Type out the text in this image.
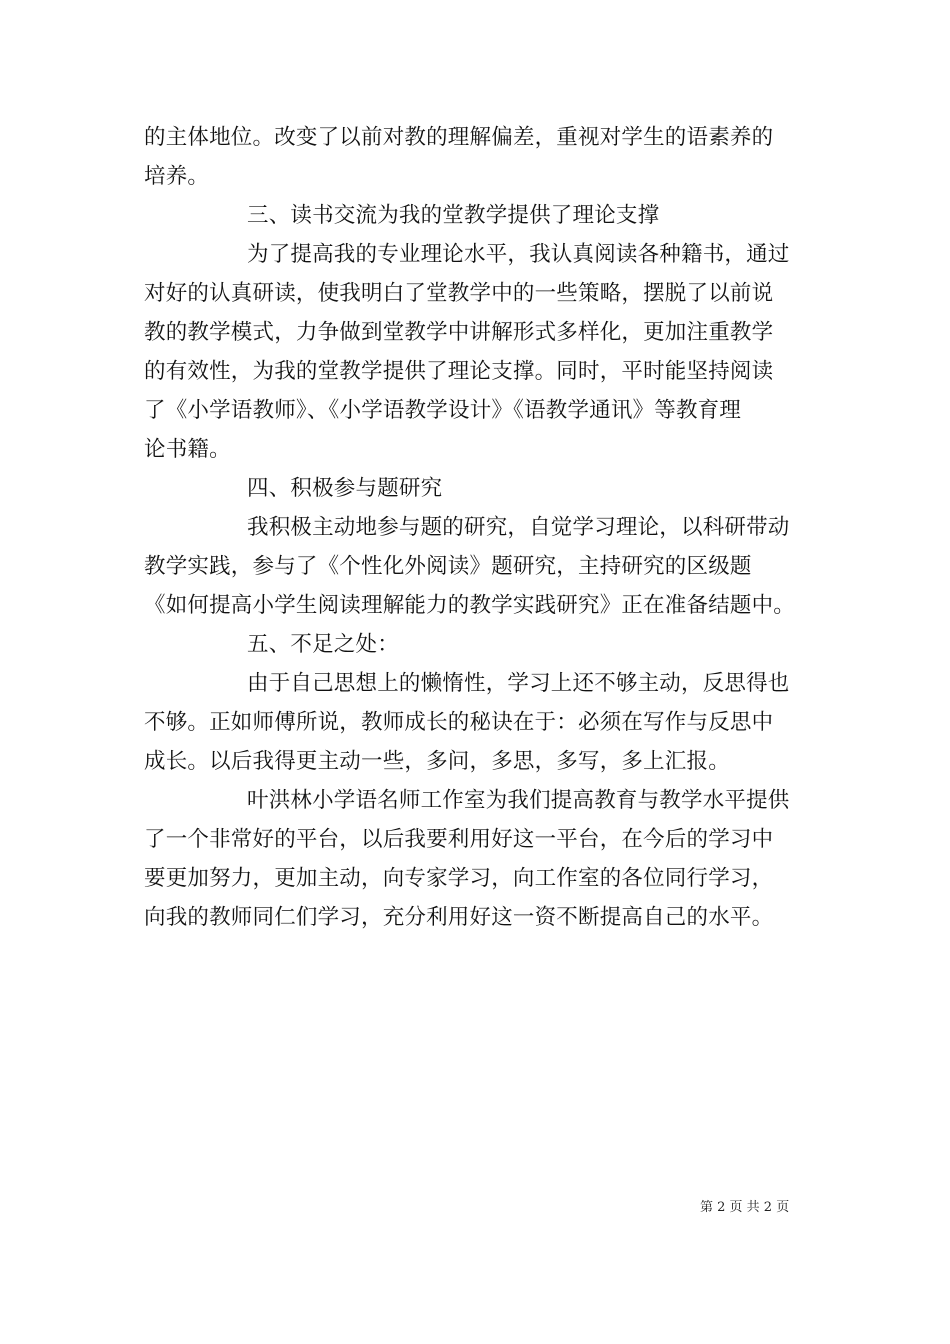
的主体地位。改变了以前对教的理解偏差，重视对学生的语素养的
培养。
三、读书交流为我的堂教学提供了理论支撑
为了提高我的专业理论水平，我认真阅读各种籍书，通过
对好的认真研读，使我明白了堂教学中的一些策略，摆脱了以前说
教的教学模式，力争做到堂教学中讲解形式多样化，更加注重教学
的有效性，为我的堂教学提供了理论支撑。同时，平时能坚持阅读
了《小学语教师》、《小学语教学设计》《语教学通讯》等教育理
论书籍。
四、积极参与题研究
我积极主动地参与题的研究，自觉学习理论，以科研带动
教学实践，参与了《个性化外阅读》题研究，主持研究的区级题
《如何提高小学生阅读理解能力的教学实践研究》正在准备结题中。
五、不足之处：
由于自己思想上的懒惰性，学习上还不够主动，反思得也
不够。正如师傅所说，教师成长的秘诀在于：必须在写作与反思中
成长。以后我得更主动一些，多问，多思，多写，多上汇报。
叶洪林小学语名师工作室为我们提高教育与教学水平提供
了一个非常好的平台，以后我要利用好这一平台，在今后的学习中
要更加努力，更加主动，向专家学习，向工作室的各位同行学习，
向我的教师同仁们学习，充分利用好这一资不断提高自己的水平。
第 2 页 共 2 页
